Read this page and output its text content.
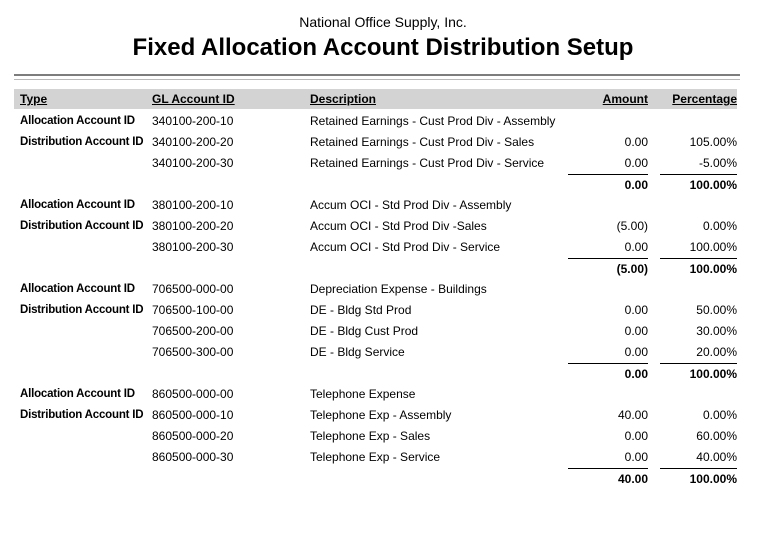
National Office Supply, Inc.
Fixed Allocation Account Distribution Setup
Type	GL Account ID	Description	Amount	Percentage
Allocation Account ID	340100-200-10	Retained Earnings - Cust Prod Div - Assembly
Distribution Account ID 340100-200-20	Retained Earnings - Cust Prod Div - Sales	0.00	105.00%
340100-200-30	Retained Earnings - Cust Prod Div - Service	0.00	-5.00%
0.00	100.00%
Allocation Account ID	380100-200-10	Accum OCI - Std Prod Div - Assembly
Distribution Account ID 380100-200-20	Accum OCI - Std Prod Div -Sales	(5.00)	0.00%
380100-200-30	Accum OCI - Std Prod Div - Service	0.00	100.00%
(5.00)	100.00%
Allocation Account ID	706500-000-00	Depreciation Expense - Buildings
Distribution Account ID 706500-100-00	DE - Bldg Std Prod	0.00	50.00%
706500-200-00	DE - Bldg Cust Prod	0.00	30.00%
706500-300-00	DE - Bldg Service	0.00	20.00%
0.00	100.00%
Allocation Account ID	860500-000-00	Telephone Expense
Distribution Account ID 860500-000-10	Telephone Exp - Assembly	40.00	0.00%
860500-000-20	Telephone Exp - Sales	0.00	60.00%
860500-000-30	Telephone Exp - Service	0.00	40.00%
40.00	100.00%
